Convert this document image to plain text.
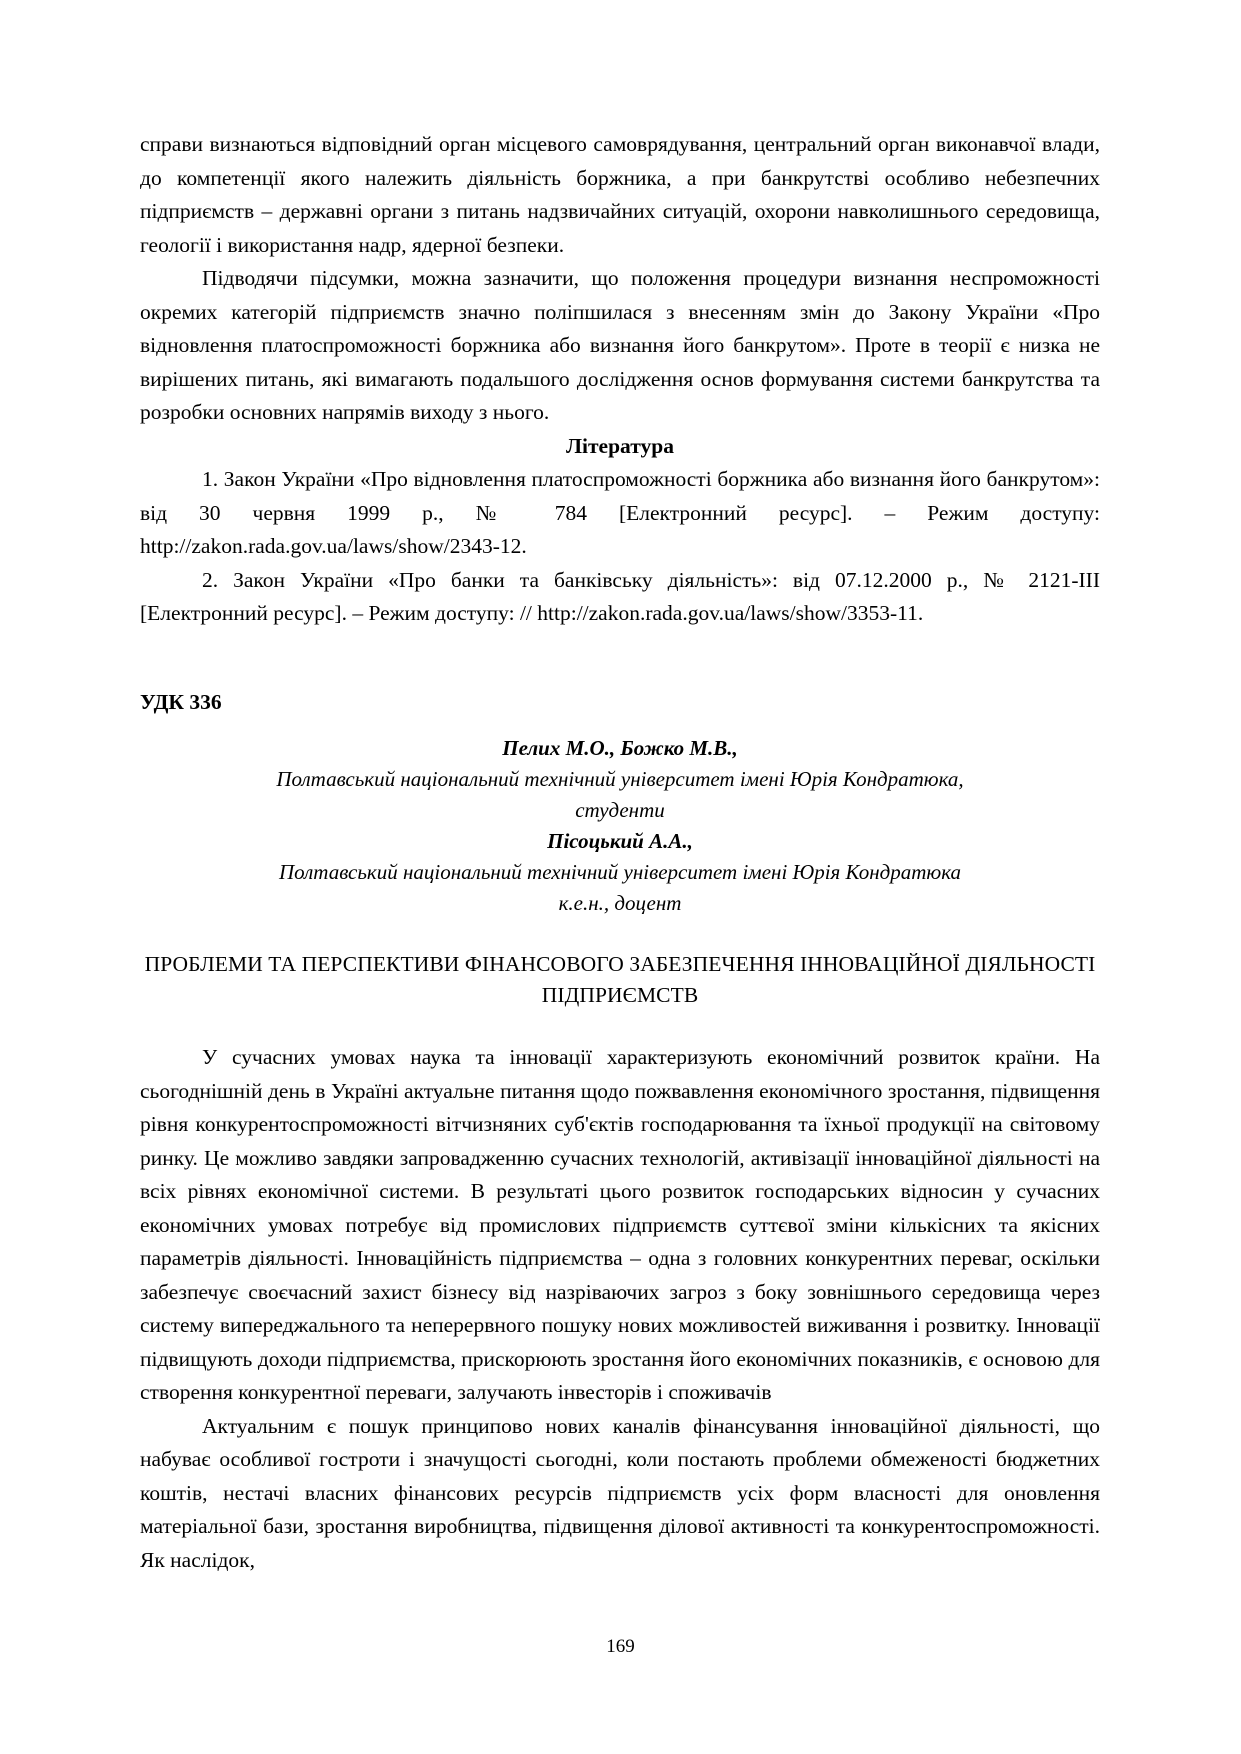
справи визнаються відповідний орган місцевого самоврядування, центральний орган виконавчої влади, до компетенції якого належить діяльність боржника, а при банкрутстві особливо небезпечних підприємств – державні органи з питань надзвичайних ситуацій, охорони навколишнього середовища, геології і використання надр, ядерної безпеки.

Підводячи підсумки, можна зазначити, що положення процедури визнання неспроможності окремих категорій підприємств значно поліпшилася з внесенням змін до Закону України «Про відновлення платоспроможності боржника або визнання його банкрутом». Проте в теорії є низка не вирішених питань, які вимагають подальшого дослідження основ формування системи банкрутства та розробки основних напрямів виходу з нього.

Література

1. Закон України «Про відновлення платоспроможності боржника або визнання його банкрутом»: від 30 червня 1999 р., № 784 [Електронний ресурс]. – Режим доступу: http://zakon.rada.gov.ua/laws/show/2343-12.

2. Закон України «Про банки та банківську діяльність»: від 07.12.2000 р., № 2121-III [Електронний ресурс]. – Режим доступу: // http://zakon.rada.gov.ua/laws/show/3353-11.

УДК 336

Пелих М.О., Божко М.В.,

Полтавський національний технічний університет імені Юрія Кондратюка,

студенти

Пісоцький А.А.,

Полтавський національний технічний університет імені Юрія Кондратюка

к.е.н., доцент

ПРОБЛЕМИ ТА ПЕРСПЕКТИВИ ФІНАНСОВОГО ЗАБЕЗПЕЧЕННЯ ІННОВАЦІЙНОЇ ДІЯЛЬНОСТІ ПІДПРИЄМСТВ

У сучасних умовах наука та інновації характеризують економічний розвиток країни. На сьогоднішній день в Україні актуальне питання щодо пожвавлення економічного зростання, підвищення рівня конкурентоспроможності вітчизняних суб'єктів господарювання та їхньої продукції на світовому ринку. Це можливо завдяки запровадженню сучасних технологій, активізації інноваційної діяльності на всіх рівнях економічної системи. В результаті цього розвиток господарських відносин у сучасних економічних умовах потребує від промислових підприємств суттєвої зміни кількісних та якісних параметрів діяльності. Інноваційність підприємства – одна з головних конкурентних переваг, оскільки забезпечує своєчасний захист бізнесу від назріваючих загроз з боку зовнішнього середовища через систему випереджального та неперервного пошуку нових можливостей виживання і розвитку. Інновації підвищують доходи підприємства, прискорюють зростання його економічних показників, є основою для створення конкурентної переваги, залучають інвесторів і споживачів

Актуальним є пошук принципово нових каналів фінансування інноваційної діяльності, що набуває особливої гостроти і значущості сьогодні, коли постають проблеми обмеженості бюджетних коштів, нестачі власних фінансових ресурсів підприємств усіх форм власності для оновлення матеріальної бази, зростання виробництва, підвищення ділової активності та конкурентоспроможності. Як наслідок,

169
